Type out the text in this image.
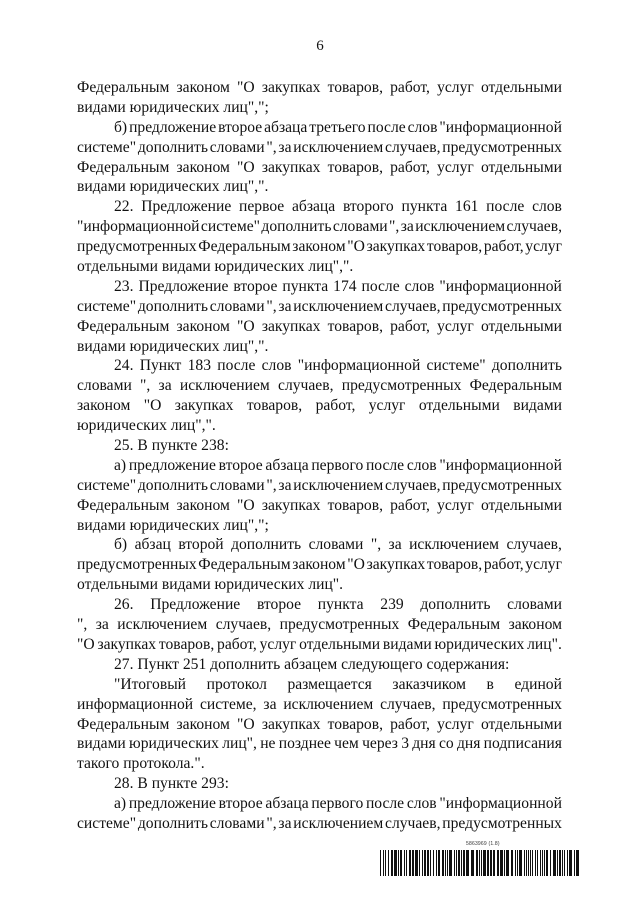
6
Федеральным законом "О закупках товаров, работ, услуг отдельными
видами юридических лиц",";
б) предложение второе абзаца третьего после слов "информационной
системе" дополнить словами ", за исключением случаев, предусмотренных
Федеральным законом "О закупках товаров, работ, услуг отдельными
видами юридических лиц",".
22. Предложение первое абзаца второго пункта 161 после слов
"информационной системе" дополнить словами ", за исключением случаев,
предусмотренных Федеральным законом "О закупках товаров, работ, услуг
отдельными видами юридических лиц",".
23. Предложение второе пункта 174 после слов "информационной
системе" дополнить словами ", за исключением случаев, предусмотренных
Федеральным законом "О закупках товаров, работ, услуг отдельными
видами юридических лиц",".
24. Пункт 183 после слов "информационной системе" дополнить
словами ", за исключением случаев, предусмотренных Федеральным
законом "О закупках товаров, работ, услуг отдельными видами
юридических лиц",".
25. В пункте 238:
а) предложение второе абзаца первого после слов "информационной
системе" дополнить словами ", за исключением случаев, предусмотренных
Федеральным законом "О закупках товаров, работ, услуг отдельными
видами юридических лиц",";
б) абзац второй дополнить словами ", за исключением случаев,
предусмотренных Федеральным законом "О закупках товаров, работ, услуг
отдельными видами юридических лиц".
26. Предложение второе пункта 239 дополнить словами
", за исключением случаев, предусмотренных Федеральным законом
"О закупках товаров, работ, услуг отдельными видами юридических лиц".
27. Пункт 251 дополнить абзацем следующего содержания:
"Итоговый протокол размещается заказчиком в единой
информационной системе, за исключением случаев, предусмотренных
Федеральным законом "О закупках товаров, работ, услуг отдельными
видами юридических лиц", не позднее чем через 3 дня со дня подписания
такого протокола.".
28. В пункте 293:
а) предложение второе абзаца первого после слов "информационной
системе" дополнить словами ", за исключением случаев, предусмотренных
5863969 (1.8)
